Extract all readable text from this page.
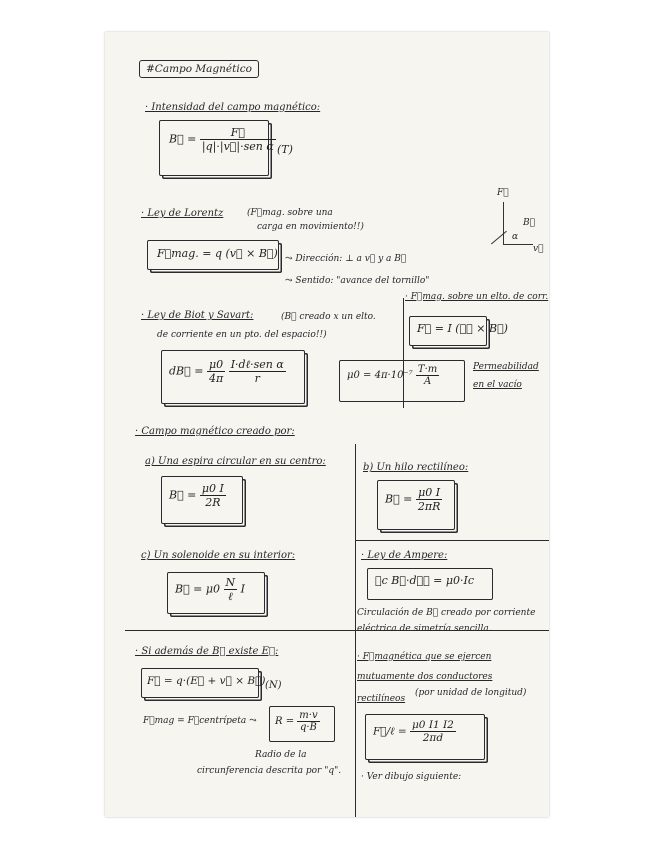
#Campo Magnético
· Intensidad del campo magnético:
B⃗ = $\frac{F⃗}{\text{|q|·|v⃗|·sen α}} (T)$
F⃗
B⃗
α
v⃗
· Ley de Lorentz	(F⃗mag. sobre una
carga en movimiento!!)
F⃗mag. = q (v⃗ × B⃗) ⤳ Dirección: ⊥ a v⃗ y a B⃗
⤳ Sentido: "avance del tornillo"
· Ley de Biot y Savart:	(B⃗ creado x un elto.
de corriente en un pto. del espacio!!)
dB⃗ = $\frac{\mu 0}{4\pi}$
$\frac{\text{I·dℓ·sen α}}{r}$	$\mu 0 = 4\pi\cdot 10^{-7} \frac{T\cdot m}{A}$	Permeabilidad
en el vacío
· F⃗mag. sobre un elto. de corr.
F⃗ = I (ℓ⃗ × B⃗)
· Campo magnético creado por:
a) Una espira circular en su centro:
B⃗ = $\frac{\mu 0 I}{2R}$
b) Un hilo rectilíneo:
B⃗ = $\frac{\mu 0 I}{2\pi R}$
c) Un solenoide en su interior:
B⃗ = $\mu 0 \frac{N}{\text{ℓ}}$ I
· Ley de Ampere:
∮c B⃗·dℓ⃗ = μ0·Ic
Circulación de B⃗ creado por corriente
eléctrica de simetría sencilla.
· Si además de B⃗ existe E⃗:
F⃗ = q·(E⃗ + v⃗ × B⃗) (N)
F⃗mag = F⃗centrípeta ⤳ $R = \frac{m\cdot v}{q\cdot B}$
Radio de la
circunferencia descrita por "q".
· F⃗magnética que se ejercen
mutuamente dos conductores
rectilíneos
(por unidad de longitud)
F⃗/ℓ = $\frac{\mu 0 I1 I2}{2\pi d}$
· Ver dibujo siguiente:
